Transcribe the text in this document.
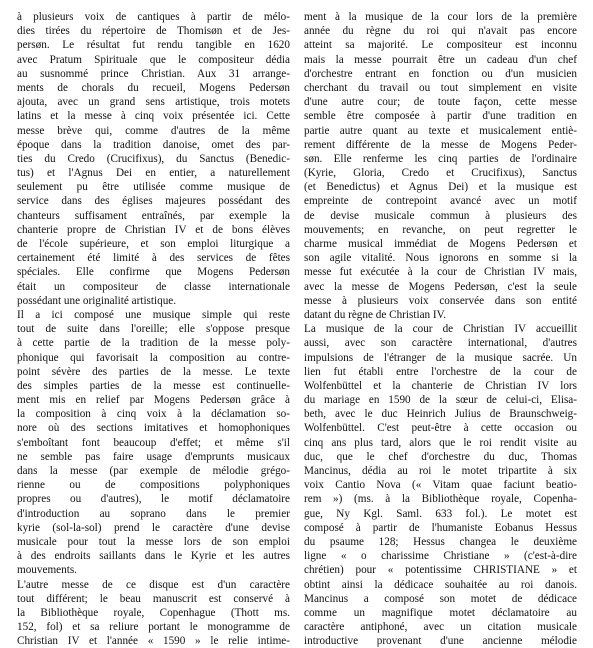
à plusieurs voix de cantiques à partir de mélo-
dies tirées du répertoire de Thomisøn et de Jes-
persøn. Le résultat fut rendu tangible en 1620
avec Pratum Spirituale que le compositeur dédia
au susnommé prince Christian. Aux 31 arrange-
ments de chorals du recueil, Mogens Pedersøn
ajouta, avec un grand sens artistique, trois motets
latins et la messe à cinq voix présentée ici. Cette
messe brève qui, comme d'autres de la même
époque dans la tradition danoise, omet des par-
ties du Credo (Crucifixus), du Sanctus (Benedic-
tus) et l'Agnus Dei en entier, a naturellement
seulement pu être utilisée comme musique de
service dans des églises majeures possédant des
chanteurs suffisament entraînés, par exemple la
chanterie propre de Christian IV et de bons élèves
de l'école supérieure, et son emploi liturgique a
certainement été limité à des services de fêtes
spéciales. Elle confirme que Mogens Pedersøn
était un compositeur de classe internationale
possédant une originalité artistique.
Il a ici composé une musique simple qui reste
tout de suite dans l'oreille; elle s'oppose presque
à cette partie de la tradition de la messe poly-
phonique qui favorisait la composition au contre-
point sévère des parties de la messe. Le texte
des simples parties de la messe est continuelle-
ment mis en relief par Mogens Pedersøn grâce à
la composition à cinq voix à la déclamation so-
nore où des sections imitatives et homophoniques
s'emboîtant font beaucoup d'effet; et même s'il
ne semble pas faire usage d'emprunts musicaux
dans la messe (par exemple de mélodie grégo-
rienne ou de compositions polyphoniques
propres ou d'autres), le motif déclamatoire
d'introduction au soprano dans le premier
kyrie (sol-la-sol) prend le caractère d'une devise
musicale pour tout la messe lors de son emploi
à des endroits saillants dans le Kyrie et les autres
mouvements.
L'autre messe de ce disque est d'un caractère
tout différent; le beau manuscrit est conservé à
la Bibliothèque royale, Copenhague (Thott ms.
152, fol) et sa reliure portant le monogramme de
Christian IV et l'année « 1590 » le relie intime-
ment à la musique de la cour lors de la première
année du règne du roi qui n'avait pas encore
atteint sa majorité. Le compositeur est inconnu
mais la messe pourrait être un cadeau d'un chef
d'orchestre entrant en fonction ou d'un musicien
cherchant du travail ou tout simplement en visite
d'une autre cour; de toute façon, cette messe
semble être composée à partir d'une tradition en
partie autre quant au texte et musicalement entiè-
rement différente de la messe de Mogens Peder-
søn. Elle renferme les cinq parties de l'ordinaire
(Kyrie, Gloria, Credo et Crucifixus), Sanctus
(et Benedictus) et Agnus Dei) et la musique est
empreinte de contrepoint avancé avec un motif
de devise musicale commun à plusieurs des
mouvements; en revanche, on peut regretter le
charme musical immédiat de Mogens Pedersøn et
son agile vitalité. Nous ignorons en somme si la
messe fut exécutée à la cour de Christian IV mais,
avec la messe de Mogens Pedersøn, c'est la seule
messe à plusieurs voix conservée dans son entité
datant du règne de Christian IV.
La musique de la cour de Christian IV accueillit
aussi, avec son caractère international, d'autres
impulsions de l'étranger de la musique sacrée. Un
lien fut établi entre l'orchestre de la cour de
Wolfenbüttel et la chanterie de Christian IV lors
du mariage en 1590 de la sœur de celui-ci, Elisa-
beth, avec le duc Heinrich Julius de Braunschweig-
Wolfenbüttel. C'est peut-être à cette occasion ou
cinq ans plus tard, alors que le roi rendit visite au
duc, que le chef d'orchestre du duc, Thomas
Mancinus, dédia au roi le motet tripartite à six
voix Cantio Nova (« Vitam quae faciunt beatio-
rem ») (ms. à la Bibliothèque royale, Copenha-
gue, Ny Kgl. Saml. 633 fol.). Le motet est
composé à partir de l'humaniste Eobanus Hessus
du psaume 128; Hessus changea le deuxième
ligne « o charissime Christiane » (c'est-à-dire
chrétien) pour « potentissime CHRISTIANE » et
obtint ainsi la dédicace souhaitée au roi danois.
Mancinus a composé son motet de dédicace
comme un magnifique motet déclamatoire au
caractère antiphoné, avec un citation musicale
introductive provenant d'une ancienne mélodie
